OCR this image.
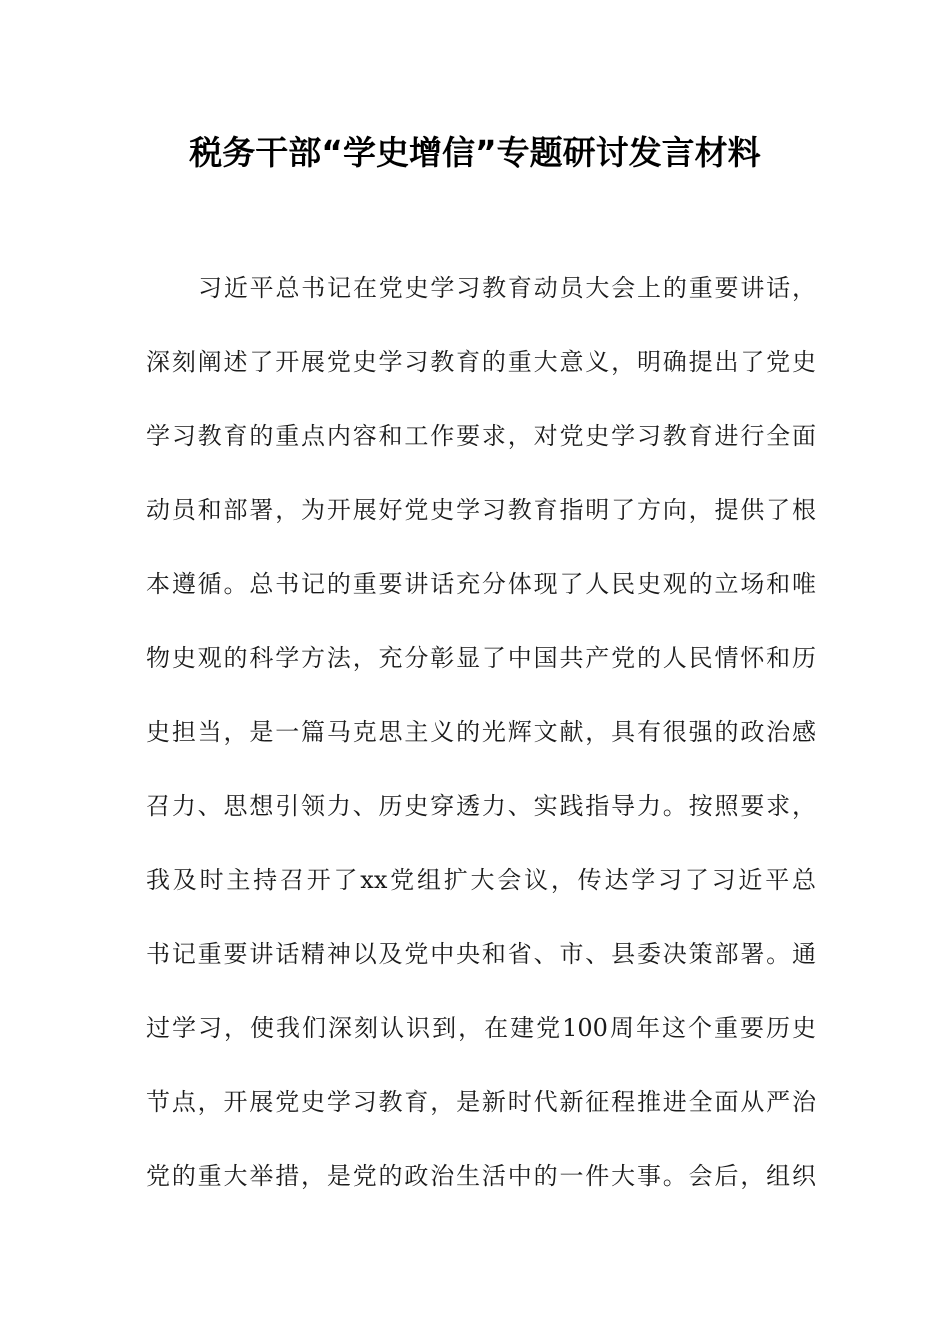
税务干部“学史增信”专题研讨发言材料
习近平总书记在党史学习教育动员大会上的重要讲话，
深刻阐述了开展党史学习教育的重大意义，明确提出了党史
学习教育的重点内容和工作要求，对党史学习教育进行全面
动员和部署，为开展好党史学习教育指明了方向，提供了根
本遵循。总书记的重要讲话充分体现了人民史观的立场和唯
物史观的科学方法，充分彰显了中国共产党的人民情怀和历
史担当，是一篇马克思主义的光辉文献，具有很强的政治感
召力、思想引领力、历史穿透力、实践指导力。按照要求，
我及时主持召开了xx党组扩大会议，传达学习了习近平总
书记重要讲话精神以及党中央和省、市、县委决策部署。通
过学习，使我们深刻认识到，在建党100周年这个重要历史
节点，开展党史学习教育，是新时代新征程推进全面从严治
党的重大举措，是党的政治生活中的一件大事。会后，组织
